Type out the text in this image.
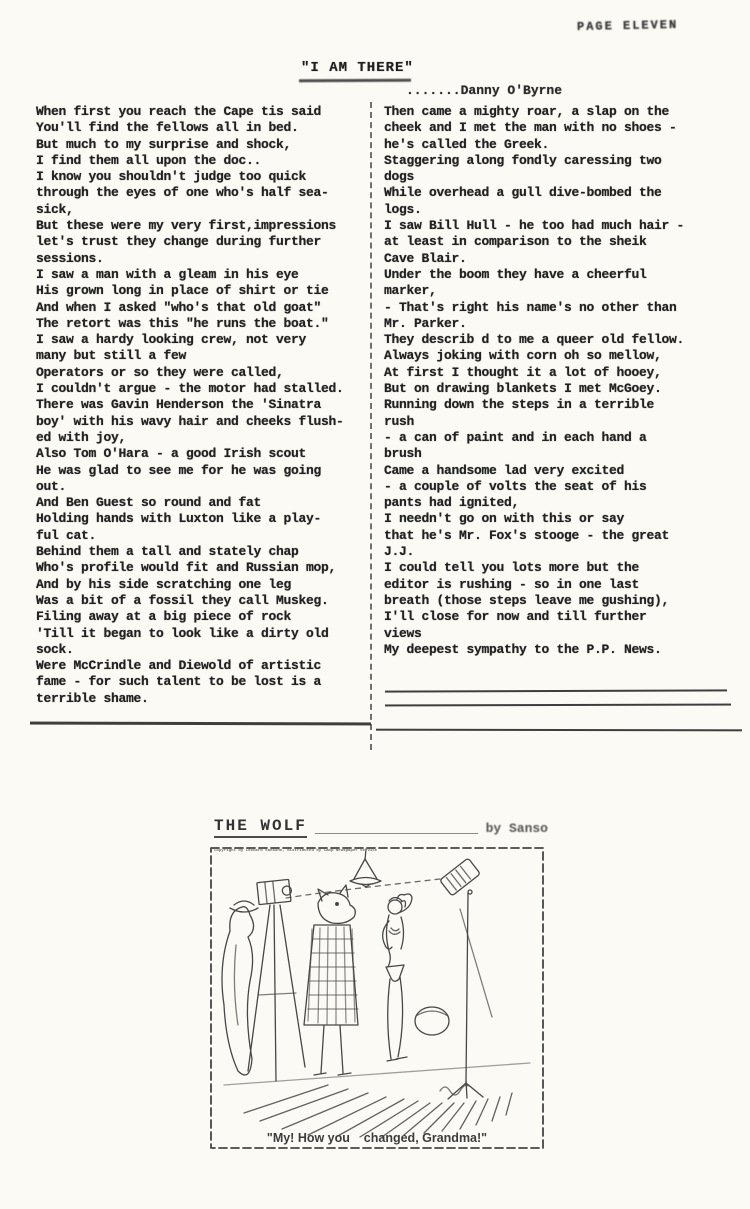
PAGE ELEVEN
"I AM THERE"
.......Danny O'Byrne
When first you reach the Cape tis said
You'll find the fellows all in bed.
But much to my surprise and shock,
I find them all upon the doc..
I know you shouldn't judge too quick
through the eyes of one who's half sea-
sick,
But these were my very first,impressions
let's trust they change during further
sessions.
I saw a man with a gleam in his eye
His grown long in place of shirt or tie
And when I asked "who's that old goat"
The retort was this "he runs the boat."
I saw a hardy looking crew, not very
many but still a few
Operators or so they were called,
I couldn't argue - the motor had stalled.
There was Gavin Henderson the 'Sinatra
boy' with his wavy hair and cheeks flush-
ed with joy,
Also Tom O'Hara - a good Irish scout
He was glad to see me for he was going
out.
And Ben Guest so round and fat
Holding hands with Luxton like a play-
ful cat.
Behind them a tall and stately chap
Who's profile would fit and Russian mop,
And by his side scratching one leg
Was a bit of a fossil they call Muskeg.
Filing away at a big piece of rock
'Till it began to look like a dirty old
sock.
Were McCrindle and Diewold of artistic
fame - for such talent to be lost is a
terrible shame.
Then came a mighty roar, a slap on the
cheek and I met the man with no shoes -
he's called the Greek.
Staggering along fondly caressing two
dogs
While overhead a gull dive-bombed the
logs.
I saw Bill Hull - he too had much hair -
at least in comparison to the sheik
Cave Blair.
Under the boom they have a cheerful
marker,
- That's right his name's no other than
Mr. Parker.
They describ d to me a queer old fellow.
Always joking with corn oh so mellow,
At first I thought it a lot of hooey,
But on drawing blankets I met McGoey.
Running down the steps in a terrible
rush
- a can of paint and in each hand a
brush
Came a handsome lad very excited
- a couple of volts the seat of his
pants had ignited,
I needn't go on with this or say
that he's Mr. Fox's stooge - the great
J.J.
I could tell you lots more but the
editor is rushing - so in one last
breath (those steps leave me gushing),
I'll close for now and till further
views
My deepest sympathy to the P.P. News.
THE WOLF	by Sanso
Copyright by Leonard Sansone, distributed by Camp Newspaper Service
"My! How you    changed, Grandma!"
